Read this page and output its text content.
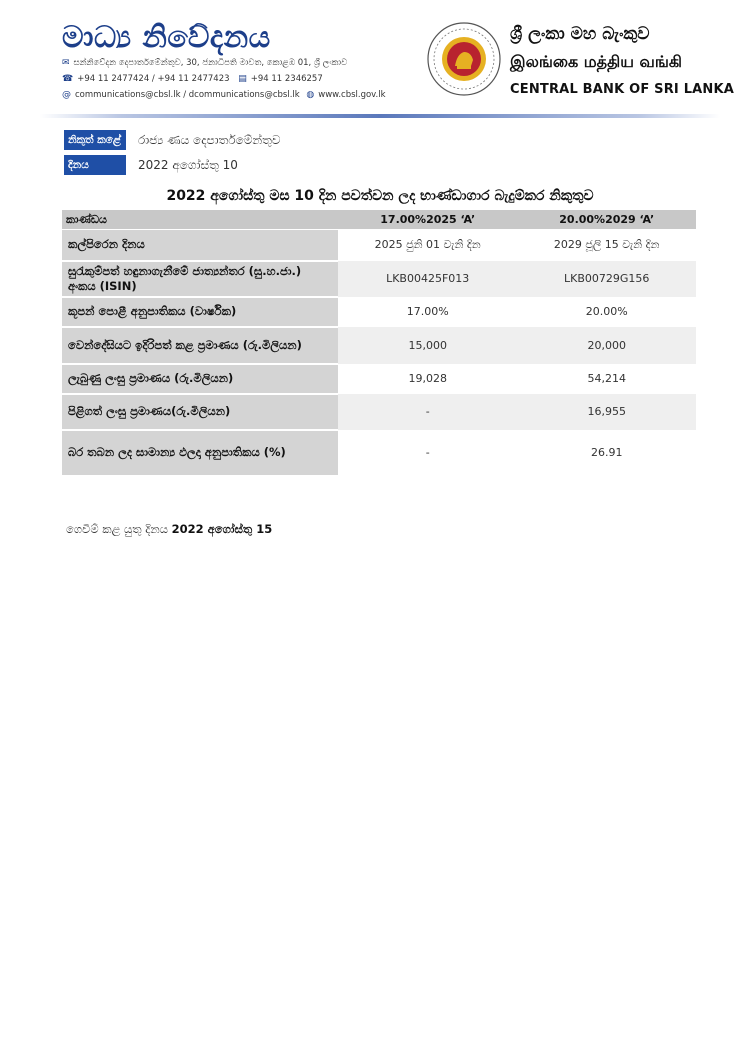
මාධ්‍ය නිවේදනය
✉ සන්නිවේදන දෙපාර්තමේන්තුව, 30, ජනාධිපති මාවත, කොළඹ 01, ශ්‍රී ලංකාව
☎ +94 11 2477424 / +94 11 2477423 ▤ +94 11 2346257
@ communications@cbsl.lk / dcommunications@cbsl.lk ◍ www.cbsl.gov.lk
ශ්‍රී ලංකා මහ බැංකුව
இலங்கை மத்திய வங்கி
CENTRAL BANK OF SRI LANKA
නිකුත් කළේ	රාජ්‍ය ණය දෙපාර්තමේන්තුව
දිනය	2022 අගෝස්තු 10
2022 අගෝස්තු මස 10 දින පවත්වන ලද භාණ්ඩාගාර බැදුම්කර නිකුතුව
කාණ්ඩය	17.00%2025 ‘A’	20.00%2029 ‘A’
කල්පිරෙන දිනය	2025 ජුනි 01 වැනි දින	2029 ජූලි 15 වැනි දින
සුරැකුම්පත් හඳුනාගැනීමේ ජාත්‍යන්තර (සු.හ.ජා.) අංකය (ISIN)	LKB00425F013	LKB00729G156
කූපන් පොළී අනුපාතිකය (වාර්ෂික)	17.00%	20.00%
වෙන්දේසියට ඉදිරිපත් කළ ප්‍රමාණය (රු.මිලියන)	15,000	20,000
ලැබුණු ලංසු ප්‍රමාණය (රු.මිලියන)	19,028	54,214
පිළිගත් ලංසු ප්‍රමාණය(රු.මිලියන)	-	16,955
බර තබන ලද සාමාන්‍ය ඵලදා අනුපාතිකය (%)	-	26.91
ගෙවීම් කළ යුතු දිනය 2022 අගෝස්තු 15
